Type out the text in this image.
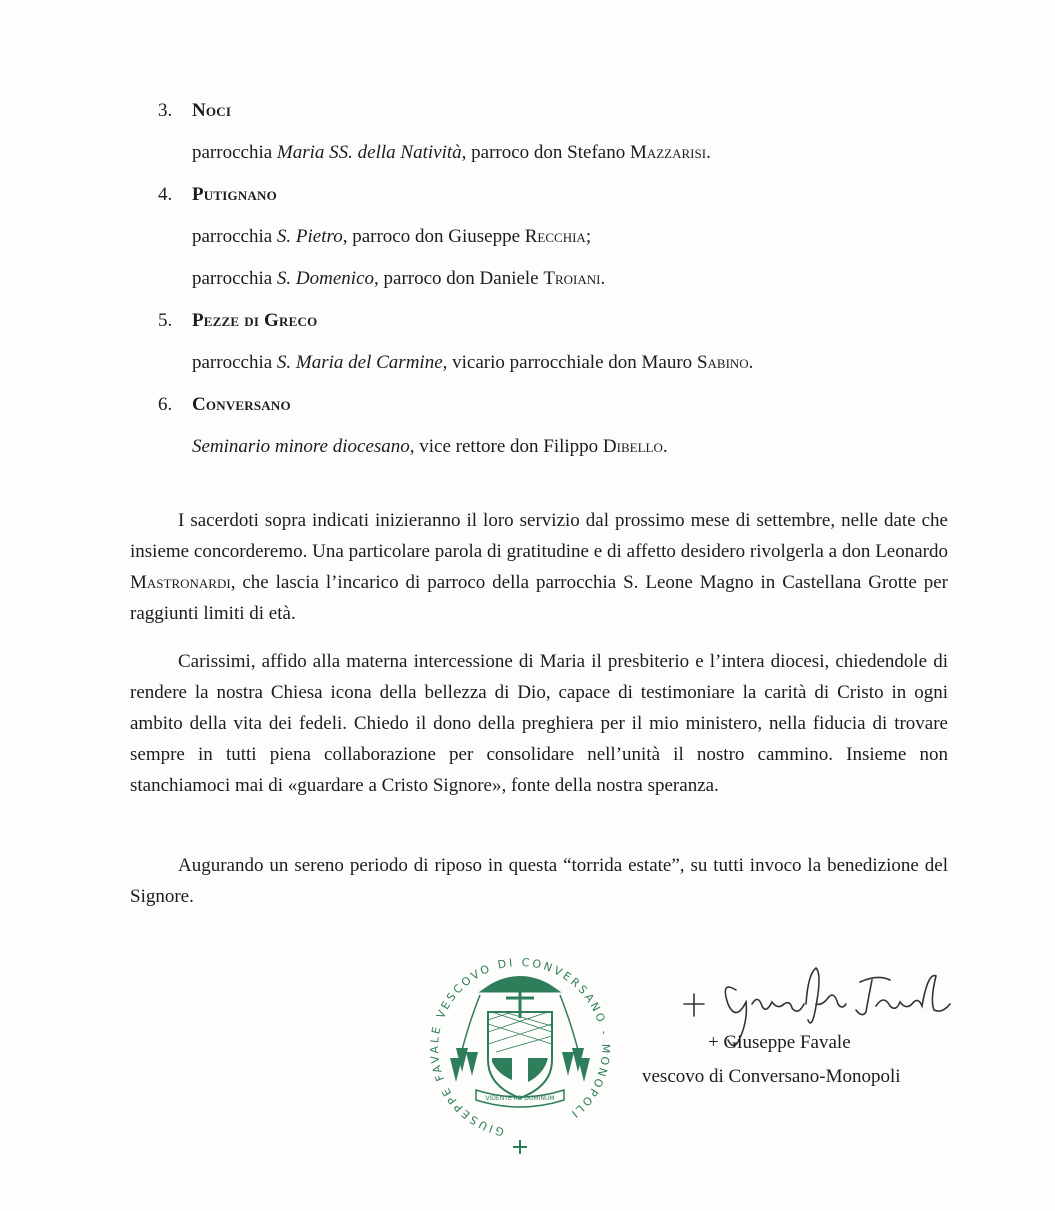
3. Noci
parrocchia Maria SS. della Natività, parroco don Stefano Mazzarisi.
4. Putignano
parrocchia S. Pietro, parroco don Giuseppe Recchia;
parrocchia S. Domenico, parroco don Daniele Troiani.
5. Pezze di Greco
parrocchia S. Maria del Carmine, vicario parrocchiale don Mauro Sabino.
6. Conversano
Seminario minore diocesano, vice rettore don Filippo Dibello.
I sacerdoti sopra indicati inizieranno il loro servizio dal prossimo mese di settembre, nelle date che insieme concorderemo. Una particolare parola di gratitudine e di affetto desidero rivolgerla a don Leonardo Mastronardi, che lascia l’incarico di parroco della parrocchia S. Leone Magno in Castellana Grotte per raggiunti limiti di età.
Carissimi, affido alla materna intercessione di Maria il presbiterio e l’intera diocesi, chiedendole di rendere la nostra Chiesa icona della bellezza di Dio, capace di testimoniare la carità di Cristo in ogni ambito della vita dei fedeli. Chiedo il dono della preghiera per il mio ministero, nella fiducia di trovare sempre in tutti piena collaborazione per consolidare nell’unità il nostro cammino. Insieme non stanchiamoci mai di «guardare a Cristo Signore», fonte della nostra speranza.
Augurando un sereno periodo di riposo in questa “torrida estate”, su tutti invoco la benedizione del Signore.
GIUSEPPE FAVALE VESCOVO DI CONVERSANO - MONOPOLI
VIDENTE AD DOMINUM
+ Giuseppe Favale
+ Giuseppe Favale
vescovo di Conversano-Monopoli
